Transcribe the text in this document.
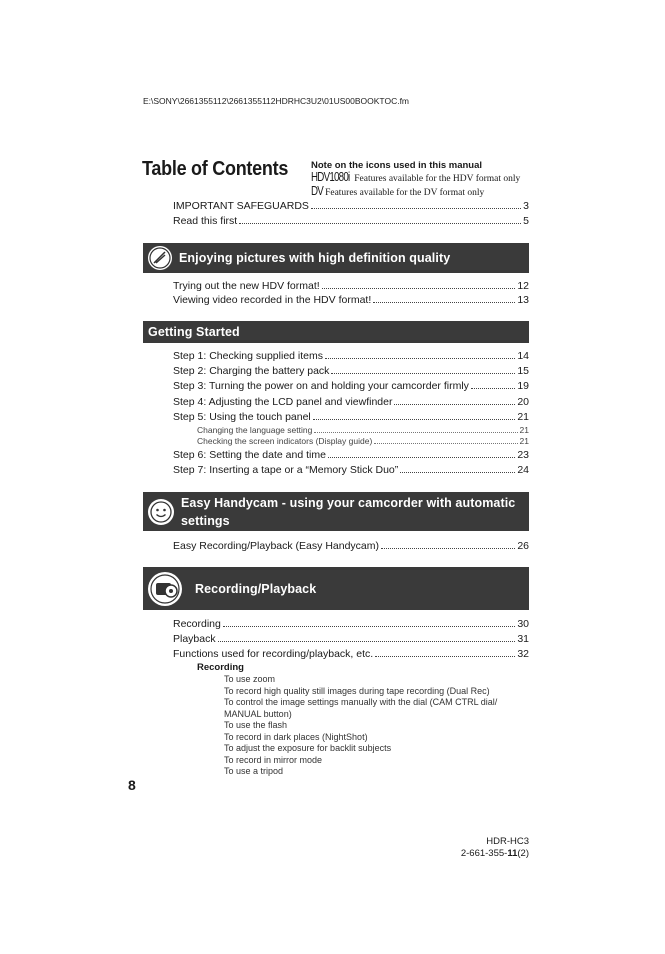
E:\SONY\2661355112\2661355112HDRHC3U2\01US00BOOKTOC.fm
Table of Contents Note on the icons used in this manual
HDV1080i Features available for the HDV format only
DV Features available for the DV format only
IMPORTANT SAFEGUARDS	3
Read this first	5
Enjoying pictures with high definition quality
Trying out the new HDV format!	12
Viewing video recorded in the HDV format!	13
Getting Started
Step 1: Checking supplied items	14
Step 2: Charging the battery pack	15
Step 3: Turning the power on and holding your camcorder firmly	19
Step 4: Adjusting the LCD panel and viewfinder	20
Step 5: Using the touch panel	21
Changing the language setting	21
Checking the screen indicators (Display guide)	21
Step 6: Setting the date and time	23
Step 7: Inserting a tape or a “Memory Stick Duo”	24
Easy Handycam - using your camcorder with automatic
settings
Easy Recording/Playback (Easy Handycam)	26
Recording/Playback
Recording	30
Playback	31
Functions used for recording/playback, etc.	32
Recording
To use zoom
To record high quality still images during tape recording (Dual Rec)
To control the image settings manually with the dial (CAM CTRL dial/
MANUAL button)
To use the flash
To record in dark places (NightShot)
To adjust the exposure for backlit subjects
To record in mirror mode
To use a tripod
8
HDR-HC3
2-661-355-11(2)
